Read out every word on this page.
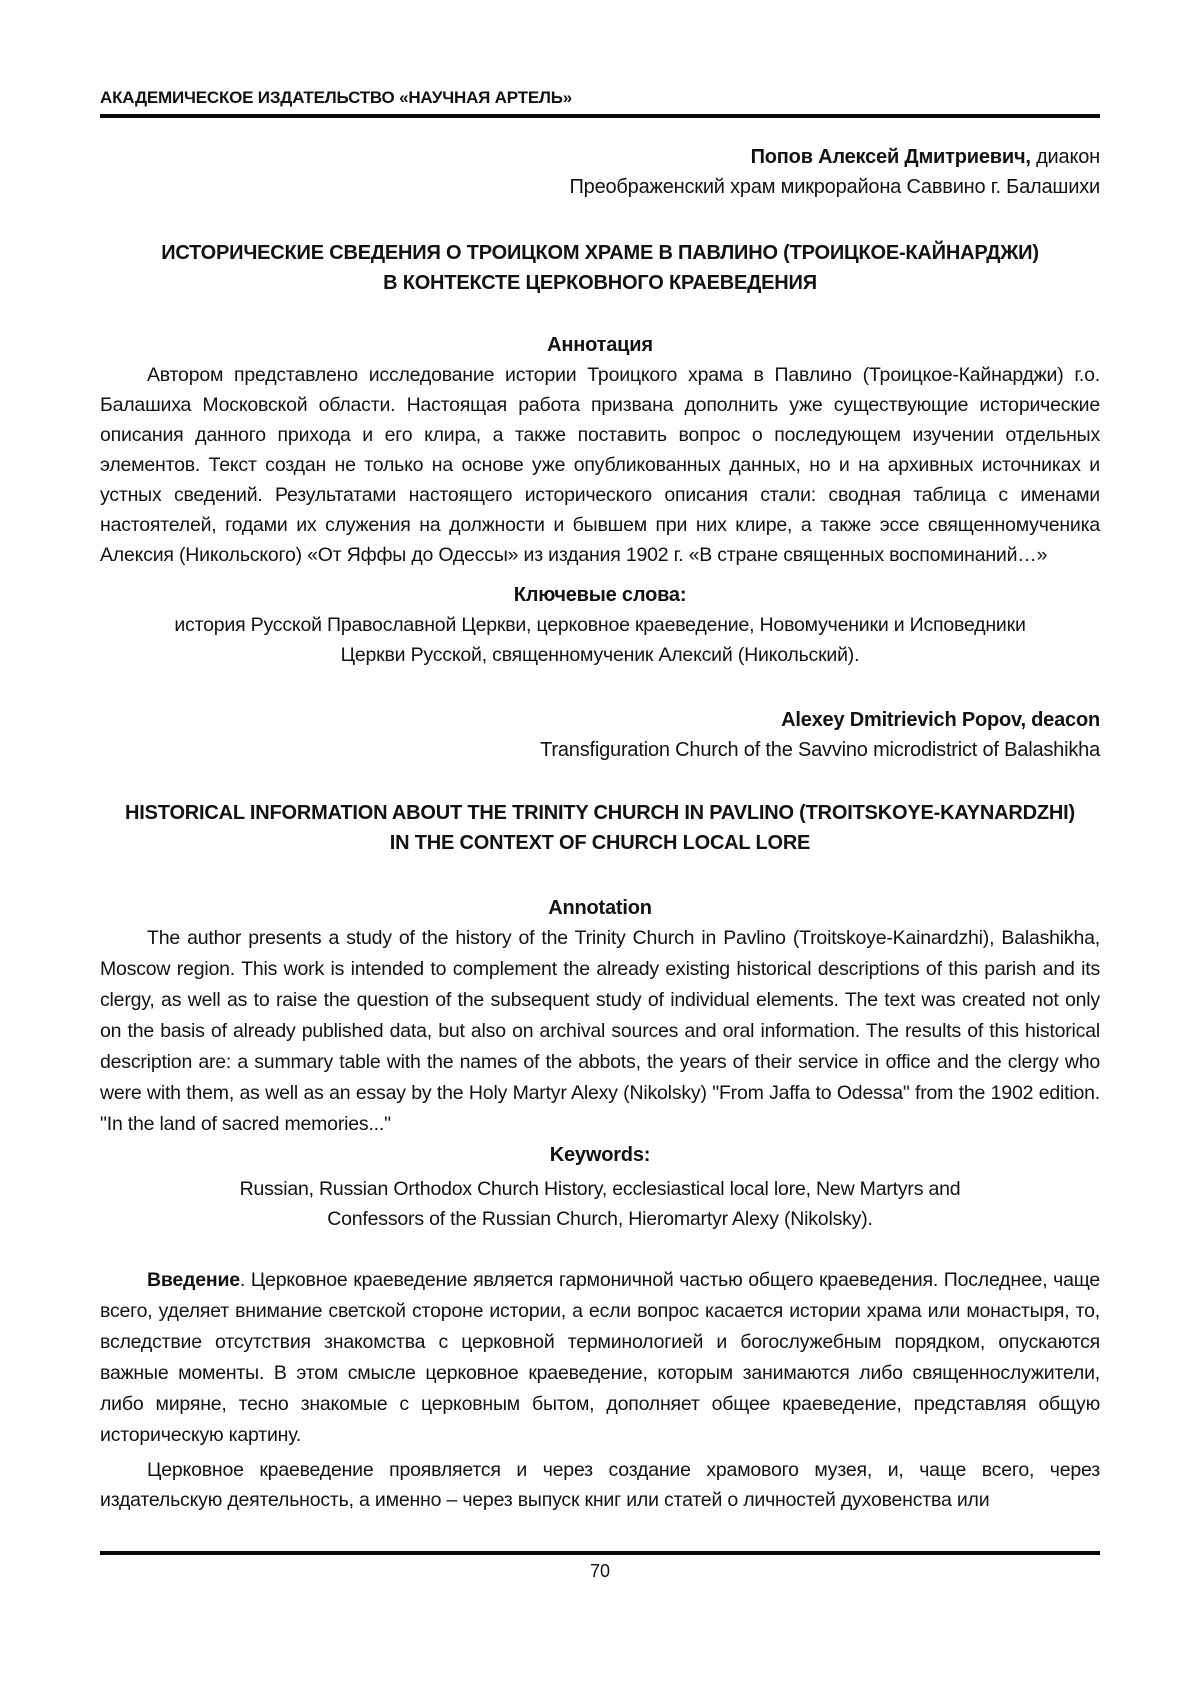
АКАДЕМИЧЕСКОЕ ИЗДАТЕЛЬСТВО «НАУЧНАЯ АРТЕЛЬ»
Попов Алексей Дмитриевич, диакон
Преображенский храм микрорайона Саввино г. Балашихи
ИСТОРИЧЕСКИЕ СВЕДЕНИЯ О ТРОИЦКОМ ХРАМЕ В ПАВЛИНО (ТРОИЦКОЕ-КАЙНАРДЖИ)
В КОНТЕКСТЕ ЦЕРКОВНОГО КРАЕВЕДЕНИЯ
Аннотация
Автором представлено исследование истории Троицкого храма в Павлино (Троицкое-Кайнарджи) г.о. Балашиха Московской области. Настоящая работа призвана дополнить уже существующие исторические описания данного прихода и его клира, а также поставить вопрос о последующем изучении отдельных элементов. Текст создан не только на основе уже опубликованных данных, но и на архивных источниках и устных сведений. Результатами настоящего исторического описания стали: сводная таблица с именами настоятелей, годами их служения на должности и бывшем при них клире, а также эссе священномученика Алексия (Никольского) «От Яффы до Одессы» из издания 1902 г. «В стране священных воспоминаний…»
Ключевые слова:
история Русской Православной Церкви, церковное краеведение, Новомученики и Исповедники
Церкви Русской, священномученик Алексий (Никольский).
Alexey Dmitrievich Popov, deacon
Transfiguration Church of the Savvino microdistrict of Balashikha
HISTORICAL INFORMATION ABOUT THE TRINITY CHURCH IN PAVLINO (TROITSKOYE-KAYNARDZHI)
IN THE CONTEXT OF CHURCH LOCAL LORE
Annotation
The author presents a study of the history of the Trinity Church in Pavlino (Troitskoye-Kainardzhi), Balashikha, Moscow region. This work is intended to complement the already existing historical descriptions of this parish and its clergy, as well as to raise the question of the subsequent study of individual elements. The text was created not only on the basis of already published data, but also on archival sources and oral information. The results of this historical description are: a summary table with the names of the abbots, the years of their service in office and the clergy who were with them, as well as an essay by the Holy Martyr Alexy (Nikolsky) "From Jaffa to Odessa" from the 1902 edition. "In the land of sacred memories..."
Keywords:
Russian, Russian Orthodox Church History, ecclesiastical local lore, New Martyrs and
Confessors of the Russian Church, Hieromartyr Alexy (Nikolsky).
Введение. Церковное краеведение является гармоничной частью общего краеведения. Последнее, чаще всего, уделяет внимание светской стороне истории, а если вопрос касается истории храма или монастыря, то, вследствие отсутствия знакомства с церковной терминологией и богослужебным порядком, опускаются важные моменты. В этом смысле церковное краеведение, которым занимаются либо священнослужители, либо миряне, тесно знакомые с церковным бытом, дополняет общее краеведение, представляя общую историческую картину.
Церковное краеведение проявляется и через создание храмового музея, и, чаще всего, через издательскую деятельность, а именно – через выпуск книг или статей о личностей духовенства или
70
